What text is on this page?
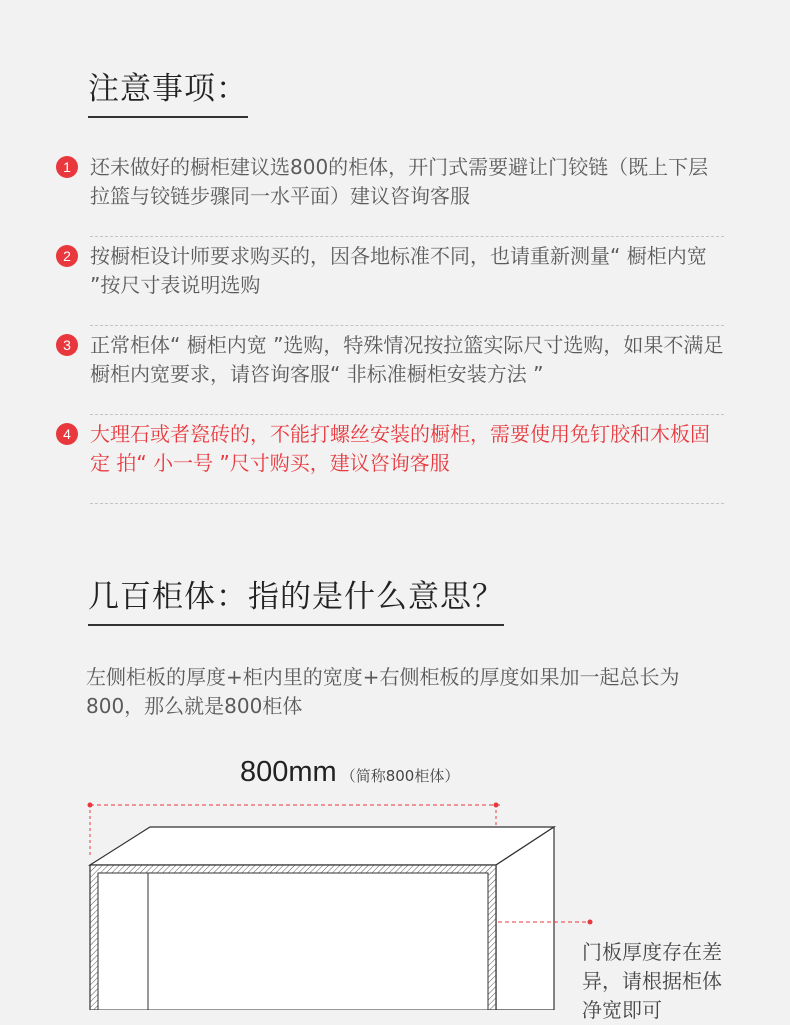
注意事项：
1 还未做好的橱柜建议选800的柜体，开门式需要避让门铰链（既上下层拉篮与铰链步骤同一水平面）建议咨询客服
2 按橱柜设计师要求购买的，因各地标准不同，也请重新测量“ 橱柜内宽 ”按尺寸表说明选购
3 正常柜体“ 橱柜内宽 ”选购，特殊情况按拉篮实际尺寸选购，如果不满足橱柜内宽要求，请咨询客服“ 非标准橱柜安装方法 ”
4 大理石或者瓷砖的，不能打螺丝安装的橱柜，需要使用免钉胶和木板固定 拍“ 小一号 ”尺寸购买，建议咨询客服
几百柜体：指的是什么意思？
左侧柜板的厚度+柜内里的宽度+右侧柜板的厚度如果加一起总长为800，那么就是800柜体
800mm （简称800柜体）
门板厚度存在差异，请根据柜体净宽即可
